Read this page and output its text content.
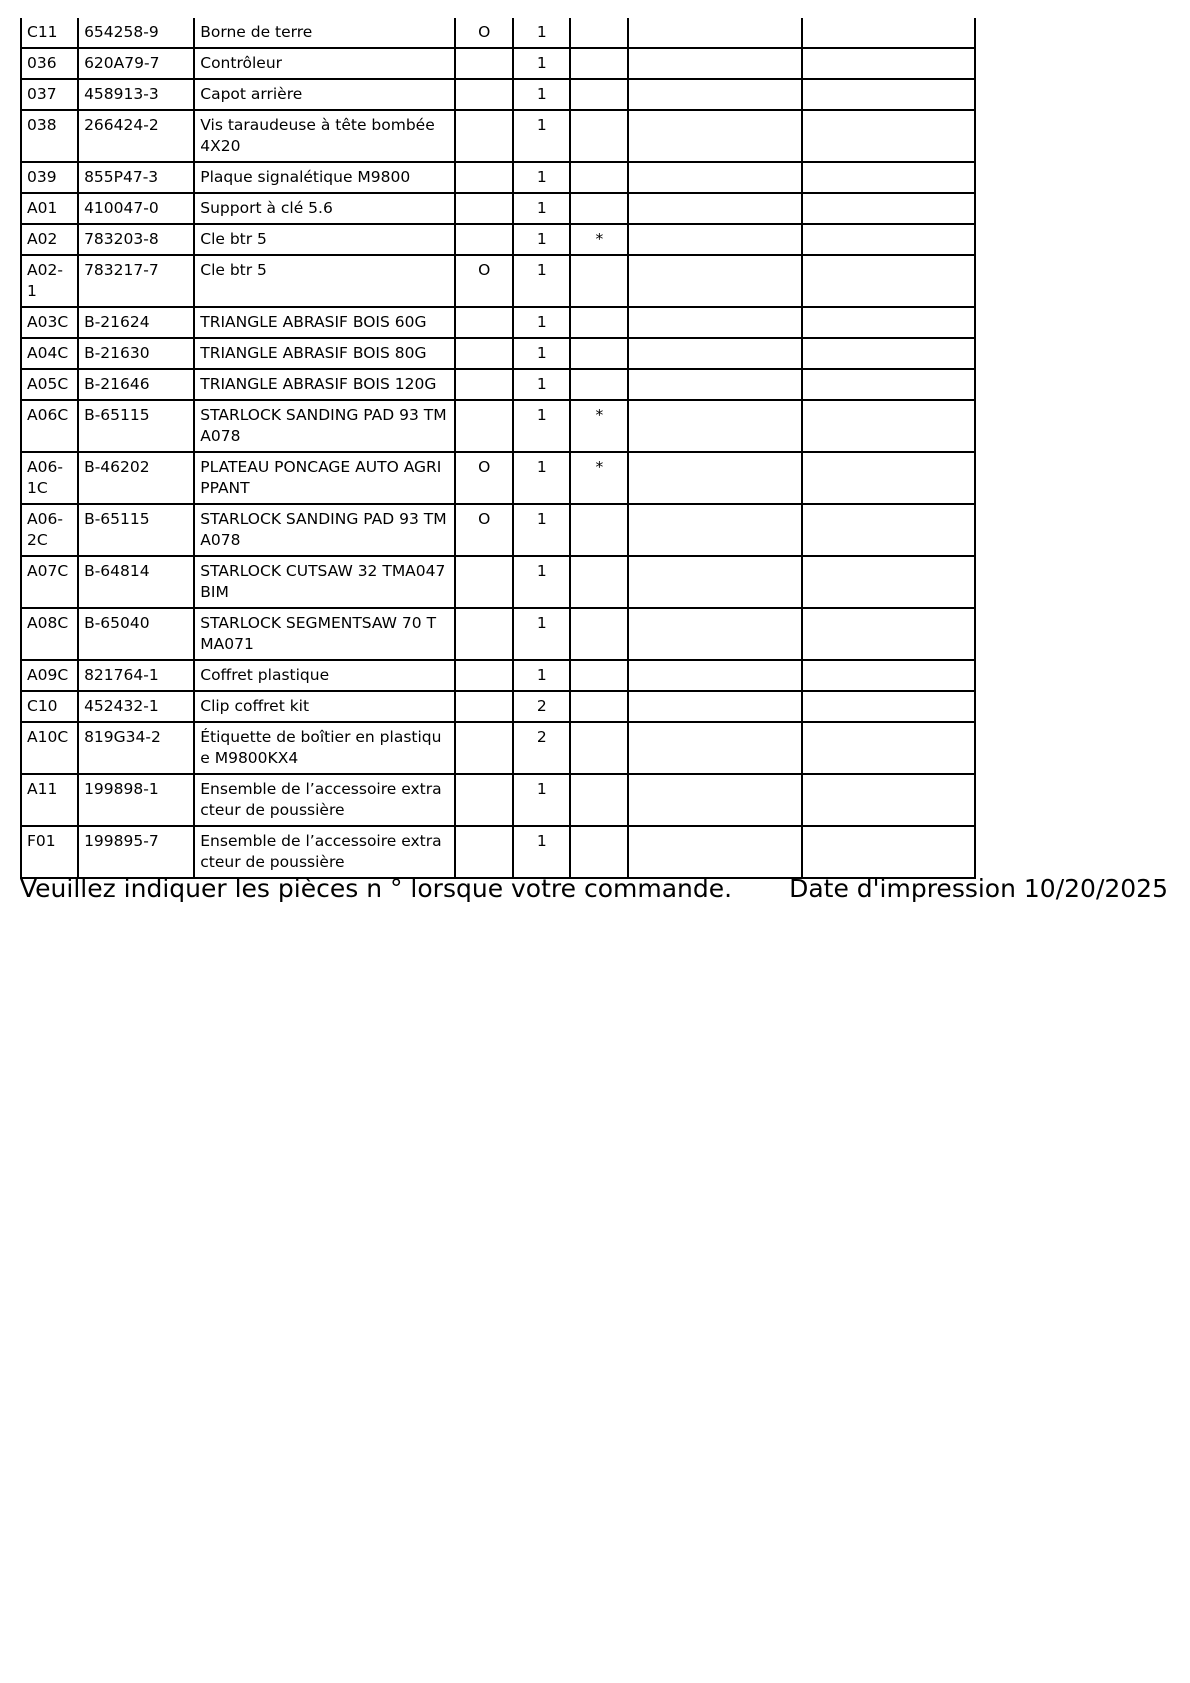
C11	654258-9	Borne de terre	O	1			
036	620A79-7	Contrôleur		1			
037	458913-3	Capot arrière		1			
038	266424-2	Vis taraudeuse à tête bombée 4X20		1			
039	855P47-3	Plaque signalétique M9800		1			
A01	410047-0	Support à clé 5.6		1			
A02	783203-8	Cle btr 5		1	*		
A02-1	783217-7	Cle btr 5	O	1			
A03C	B-21624	TRIANGLE ABRASIF BOIS 60G		1			
A04C	B-21630	TRIANGLE ABRASIF BOIS 80G		1			
A05C	B-21646	TRIANGLE ABRASIF BOIS 120G		1			
A06C	B-65115	STARLOCK SANDING PAD 93 TMA078		1	*		
A06-1C	B-46202	PLATEAU PONCAGE AUTO AGRIPPANT	O	1	*		
A06-2C	B-65115	STARLOCK SANDING PAD 93 TMA078	O	1			
A07C	B-64814	STARLOCK CUTSAW 32 TMA047 BIM		1			
A08C	B-65040	STARLOCK SEGMENTSAW 70 TMA071		1			
A09C	821764-1	Coffret plastique		1			
C10	452432-1	Clip coffret kit		2			
A10C	819G34-2	Étiquette de boîtier en plastique M9800KX4		2			
A11	199898-1	Ensemble de l’accessoire extracteur de poussière		1			
F01	199895-7	Ensemble de l’accessoire extracteur de poussière		1			
Veuillez indiquer les pièces n ° lorsque votre commande. Date d'impression 10/20/2025
